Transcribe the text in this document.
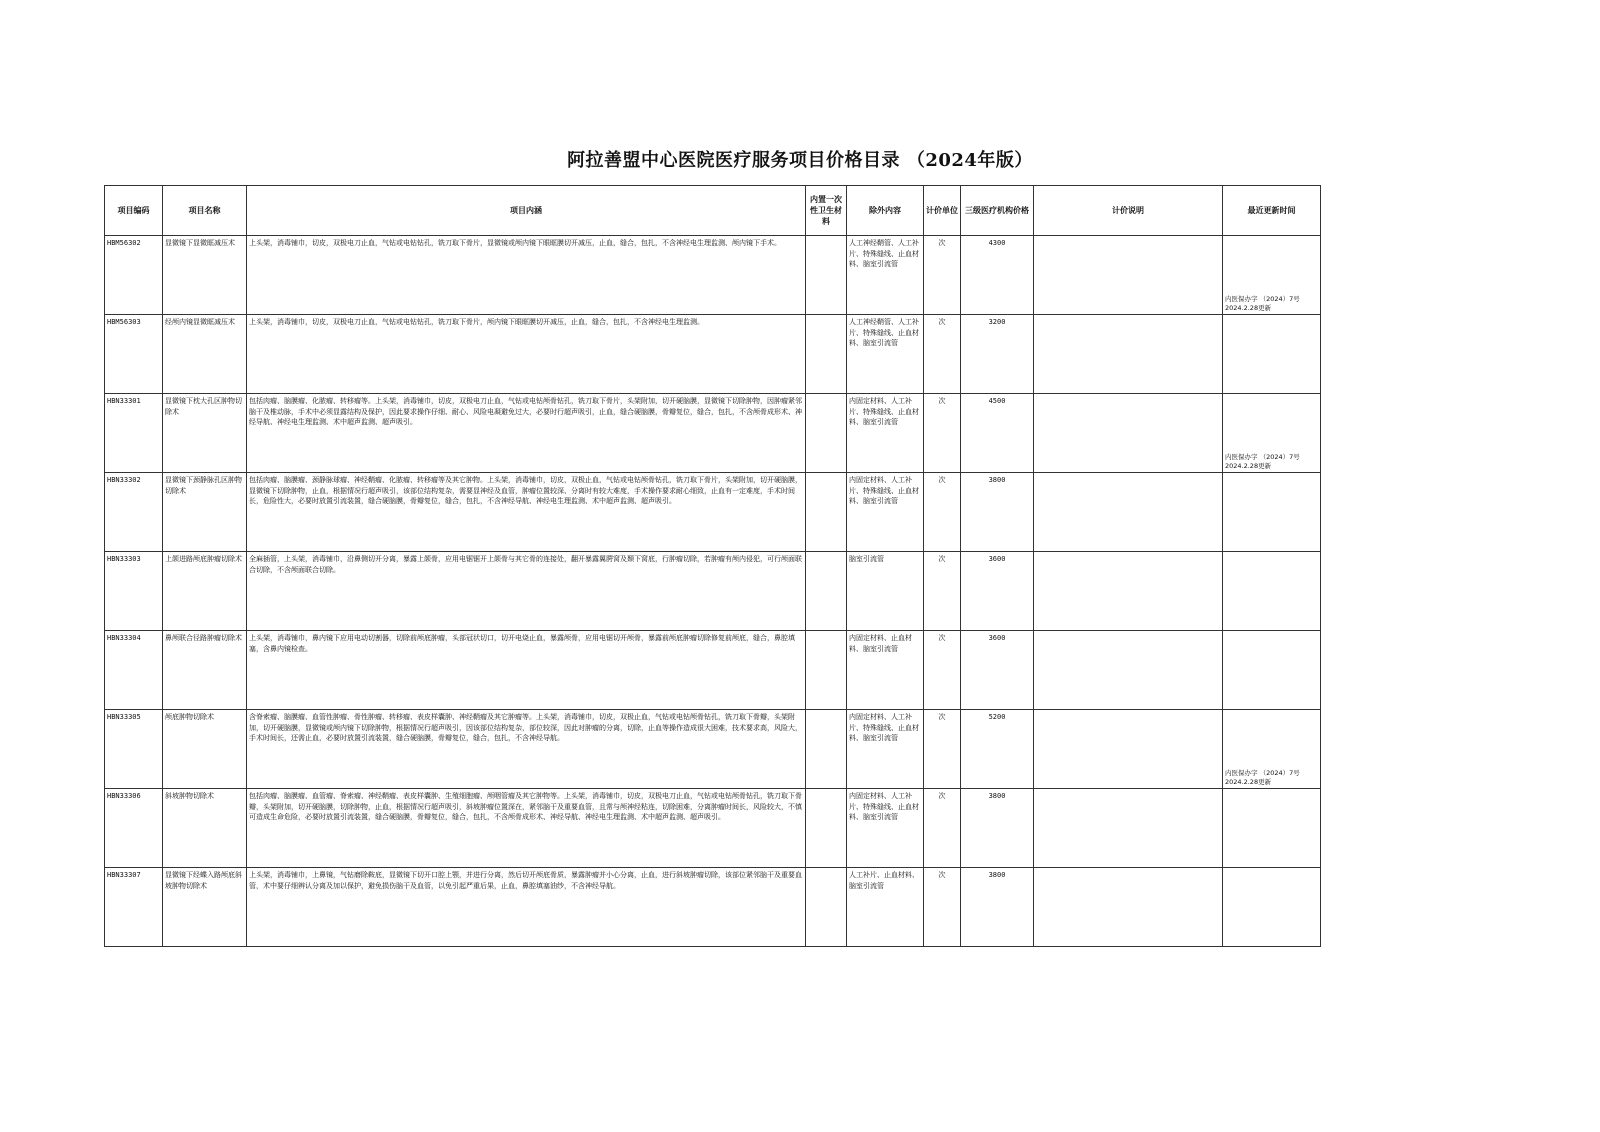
阿拉善盟中心医院医疗服务项目价格目录 （2024年版）
项目编码	项目名称	项目内涵	内置一次性卫生材料	除外内容	计价单位	三级医疗机构价格	计价说明	最近更新时间
HBM56302	显微镜下显微眶减压术	上头架，消毒铺巾，切皮，双极电刀止血，气钻或电钻钻孔，铣刀取下骨片，显微镜或颅内镜下眼眶膜切开减压，止血，缝合，包扎，不含神经电生理监测、颅内镜下手术。		人工神经鞘管、人工补片、特殊缝线、止血材料、脑室引流管	次	4300		内医保办字 （2024）7号 2024.2.28更新

HBM56303	经颅内镜显微眶减压术	上头架，消毒铺巾，切皮，双极电刀止血，气钻或电钻钻孔，铣刀取下骨片，颅内镜下眼眶膜切开减压，止血，缝合，包扎，不含神经电生理监测。		人工神经鞘管、人工补片、特殊缝线、止血材料、脑室引流管	次	3200		

HBN33301	显微镜下枕大孔区肿物切除术	包括肉瘤、脑膜瘤、化脓瘤、转移瘤等。上头架，消毒铺巾，切皮，双极电刀止血，气钻或电钻颅骨钻孔，铣刀取下骨片，头架附加，切开硬脑膜，显微镜下切除肿物，因肿瘤紧邻脑干及椎动脉，手术中必须显露结构及保护，因此要求操作仔细、耐心、风险电凝避免过大，必要时行超声吸引，止血，缝合硬脑膜，骨瓣复位，缝合，包扎，不含颅骨成形术、神经导航、神经电生理监测、术中超声监测、超声吸引。		内固定材料、人工补片、特殊缝线、止血材料、脑室引流管	次	4500		内医保办字 （2024）7号 2024.2.28更新

HBN33302	显微镜下颈静脉孔区肿物切除术	包括肉瘤、脑膜瘤、颈静脉球瘤、神经鞘瘤、化脓瘤、转移瘤等及其它肿物。上头架，消毒铺巾，切皮，双极止血，气钻或电钻颅骨钻孔，铣刀取下骨片，头架附加，切开硬脑膜，显微镜下切除肿物，止血，根据情况行超声吸引，该部位结构复杂，需要显神经及血管，肿瘤位置较深、分离时有较大难度，手术操作要求耐心细致，止血有一定难度，手术时间长，危险性大，必要时放置引流装置，缝合硬脑膜，骨瓣复位，缝合，包扎，不含神经导航、神经电生理监测、术中超声监测、超声吸引。		内固定材料、人工补片、特殊缝线、止血材料、脑室引流管	次	3800		

HBN33303	上颌进路颅底肿瘤切除术	全麻插管，上头架，消毒铺巾，沿鼻侧切开分离，暴露上颌骨，应用电锯锯开上颌骨与其它骨的连接处，翻开暴露翼腭窝及颞下窝底，行肿瘤切除，若肿瘤有颅内侵犯，可行颅面联合切除，不含颅面联合切除。		脑室引流管	次	3600		

HBN33304	鼻颅联合径路肿瘤切除术	上头架，消毒铺巾，鼻内镜下应用电动切割器，切除前颅底肿瘤，头部冠状切口，切开电烧止血，暴露颅骨，应用电锯切开颅骨，暴露前颅底肿瘤切除修复前颅底，缝合，鼻腔填塞，含鼻内镜检查。		内固定材料、止血材料、脑室引流管	次	3600		

HBN33305	颅底肿物切除术	含脊索瘤、脑膜瘤、血管性肿瘤、骨性肿瘤、转移瘤、表皮样囊肿、神经鞘瘤及其它肿瘤等。上头架，消毒铺巾，切皮，双极止血，气钻或电钻颅骨钻孔，铣刀取下骨瓣，头架附加，切开硬脑膜，显微镜或颅内镜下切除肿物，根据情况行超声吸引，因该部位结构复杂，部位较深，因此对肿瘤的分离，切除，止血等操作造成很大困难，技术要求高，风险大，手术时间长，还需止血，必要时放置引流装置，缝合硬脑膜，骨瓣复位，缝合，包扎，不含神经导航。		内固定材料、人工补片、特殊缝线、止血材料、脑室引流管	次	5200		内医保办字 （2024）7号 2024.2.28更新

HBN33306	斜坡肿物切除术	包括肉瘤、脑膜瘤、血管瘤、脊索瘤、神经鞘瘤、表皮样囊肿、生殖细胞瘤、颅咽管瘤及其它肿物等。上头架，消毒铺巾，切皮，双极电刀止血，气钻或电钻颅骨钻孔，铣刀取下骨瓣，头架附加，切开硬脑膜，切除肿物，止血，根据情况行超声吸引，斜坡肿瘤位置深在，紧邻脑干及重要血管，且常与颅神经粘连，切除困难，分离肿瘤时间长，风险较大，不慎可造成生命危险，必要时放置引流装置，缝合硬脑膜，骨瓣复位，缝合，包扎，不含颅骨成形术、神经导航、神经电生理监测、术中超声监测、超声吸引。		内固定材料、人工补片、特殊缝线、止血材料、脑室引流管	次	3800		

HBN33307	显微镜下经蝶入路颅底斜坡肿物切除术	上头架，消毒铺巾，上鼻镜，气钻磨除鞍底，显微镜下切开口腔上颚，并进行分离，然后切开颅底骨质，暴露肿瘤并小心分离，止血，进行斜坡肿瘤切除，该部位紧邻脑干及重要血管，术中要仔细辨认分离及加以保护，避免损伤脑干及血管，以免引起严重后果，止血，鼻腔填塞油纱，不含神经导航。		人工补片、止血材料、脑室引流管	次	3800		
